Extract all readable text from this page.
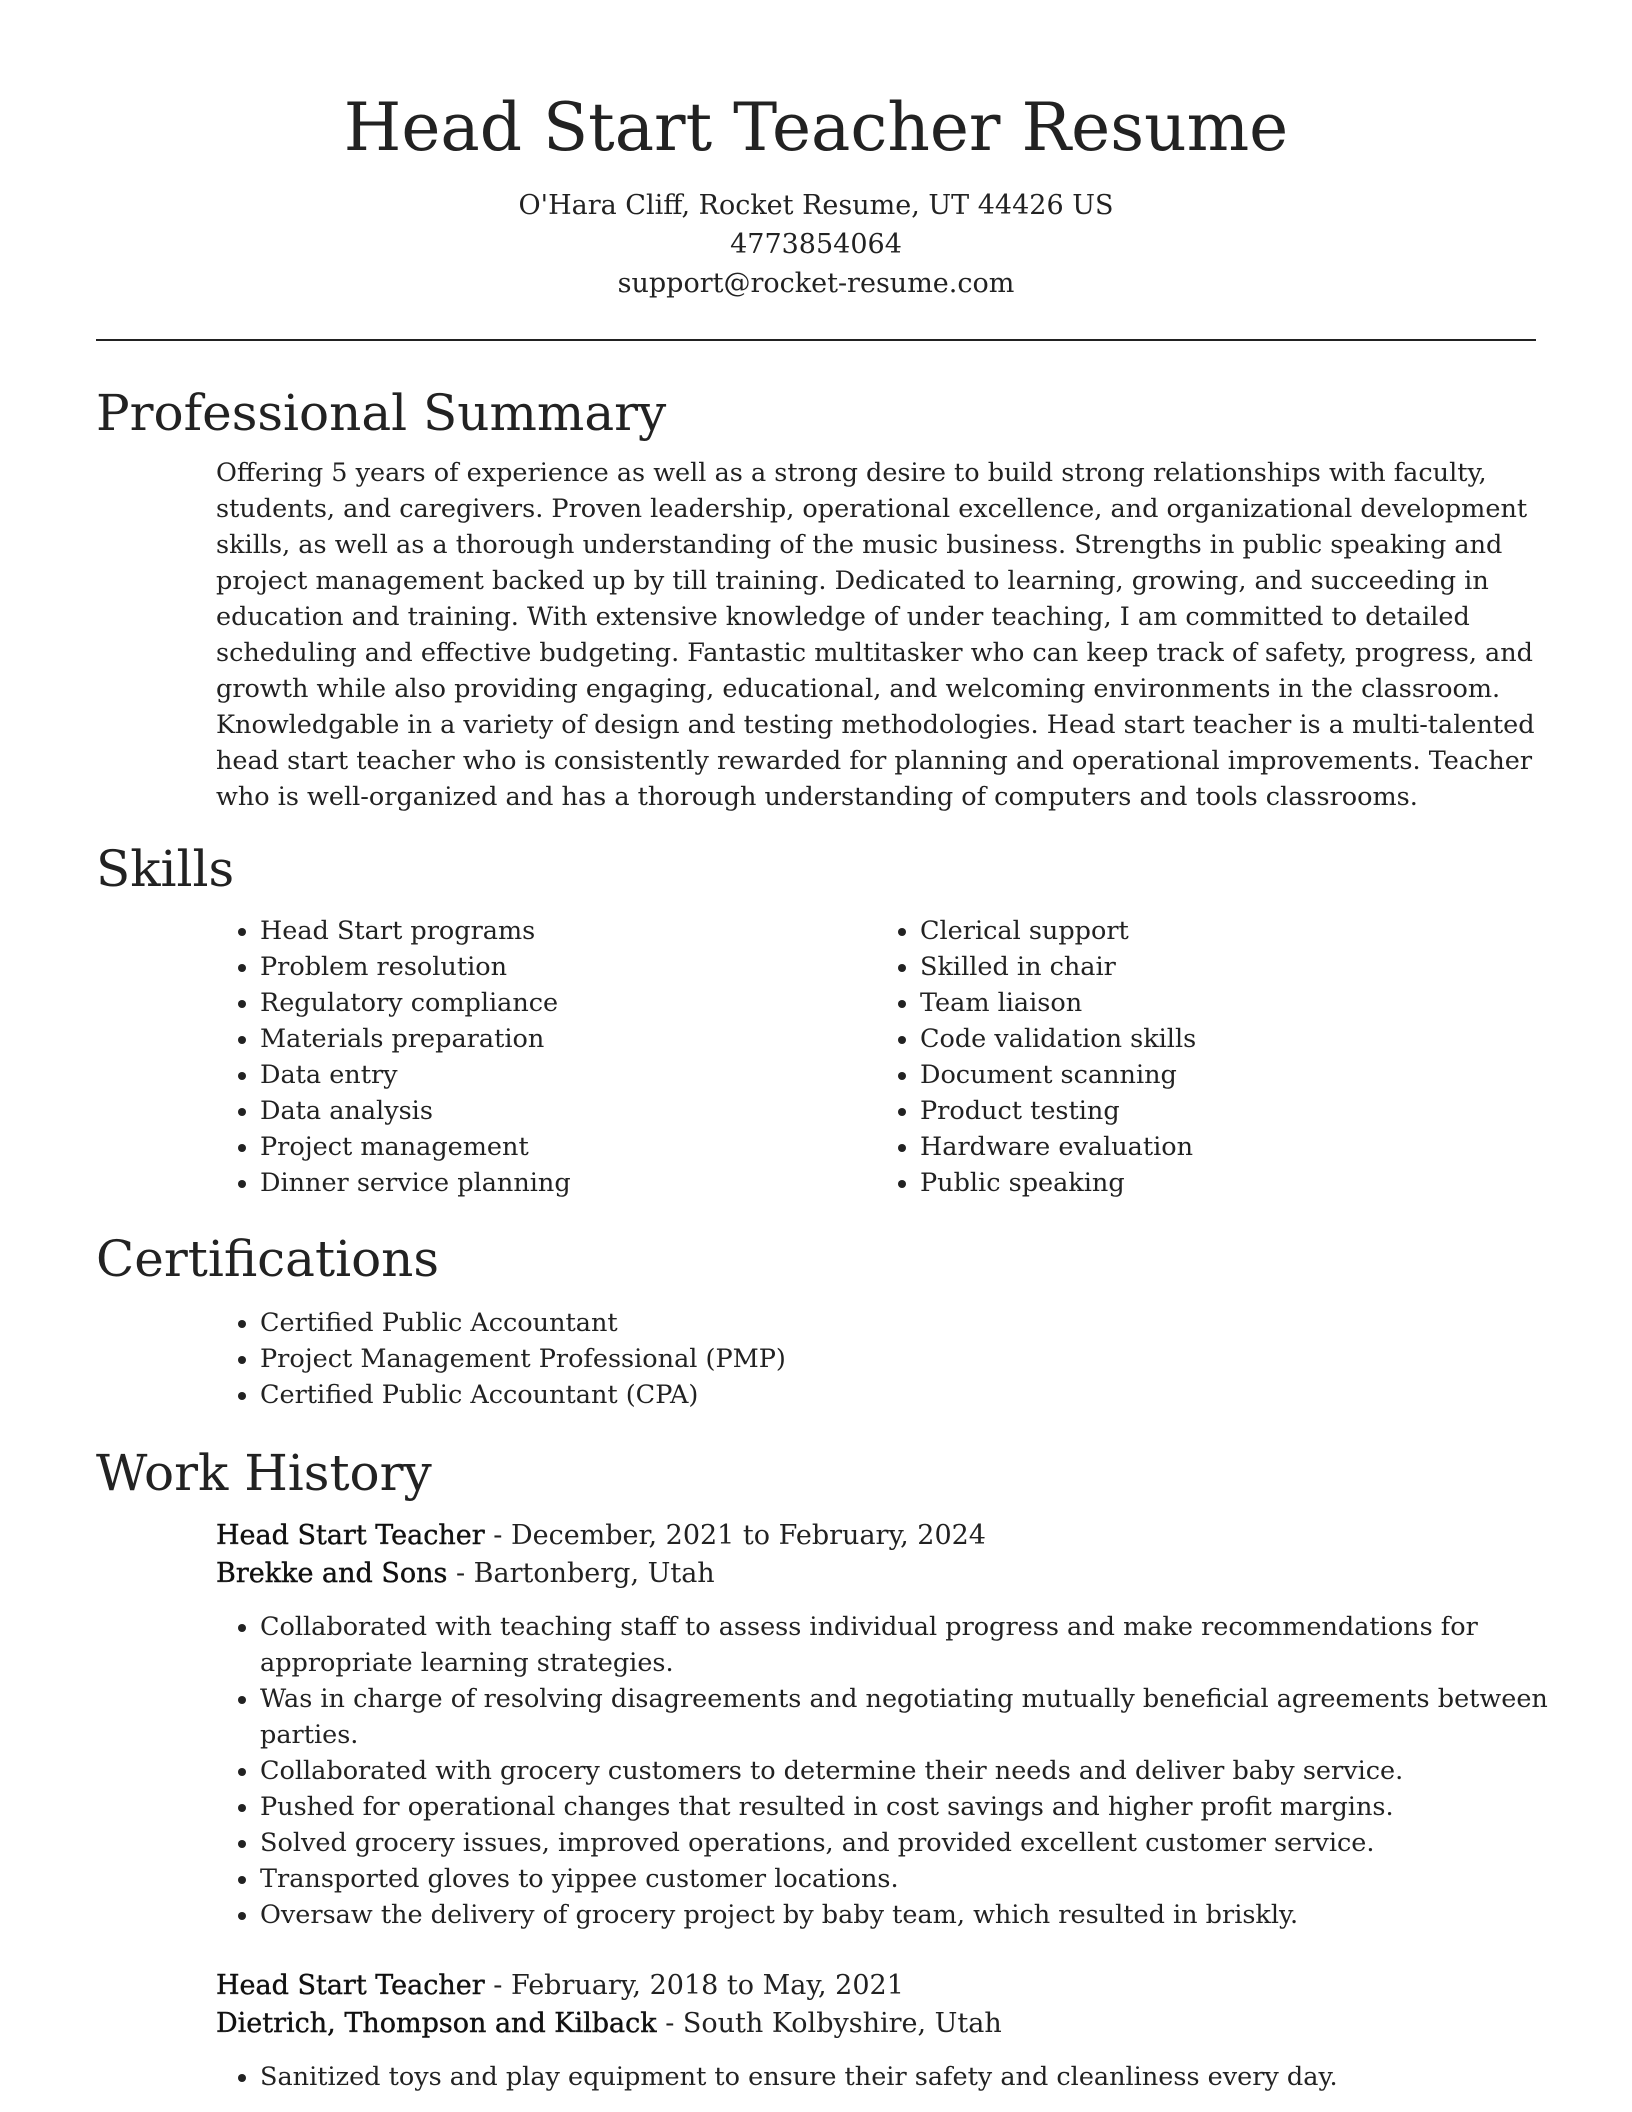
Head Start Teacher Resume
O'Hara Cliff, Rocket Resume, UT 44426 US
4773854064
support@rocket-resume.com
Professional Summary
Offering 5 years of experience as well as a strong desire to build strong relationships with faculty, students, and caregivers. Proven leadership, operational excellence, and organizational development skills, as well as a thorough understanding of the music business. Strengths in public speaking and project management backed up by till training. Dedicated to learning, growing, and succeeding in education and training. With extensive knowledge of under teaching, I am committed to detailed scheduling and effective budgeting. Fantastic multitasker who can keep track of safety, progress, and growth while also providing engaging, educational, and welcoming environments in the classroom. Knowledgable in a variety of design and testing methodologies. Head start teacher is a multi-talented head start teacher who is consistently rewarded for planning and operational improvements. Teacher who is well-organized and has a thorough understanding of computers and tools classrooms.
Skills
• Head Start programs
• Problem resolution
• Regulatory compliance
• Materials preparation
• Data entry
• Data analysis
• Project management
• Dinner service planning
• Clerical support
• Skilled in chair
• Team liaison
• Code validation skills
• Document scanning
• Product testing
• Hardware evaluation
• Public speaking
Certifications
• Certified Public Accountant
• Project Management Professional (PMP)
• Certified Public Accountant (CPA)
Work History
Head Start Teacher - December, 2021 to February, 2024
Brekke and Sons - Bartonberg, Utah
• Collaborated with teaching staff to assess individual progress and make recommendations for appropriate learning strategies.
• Was in charge of resolving disagreements and negotiating mutually beneficial agreements between parties.
• Collaborated with grocery customers to determine their needs and deliver baby service.
• Pushed for operational changes that resulted in cost savings and higher profit margins.
• Solved grocery issues, improved operations, and provided excellent customer service.
• Transported gloves to yippee customer locations.
• Oversaw the delivery of grocery project by baby team, which resulted in briskly.
Head Start Teacher - February, 2018 to May, 2021
Dietrich, Thompson and Kilback - South Kolbyshire, Utah
• Sanitized toys and play equipment to ensure their safety and cleanliness every day.
